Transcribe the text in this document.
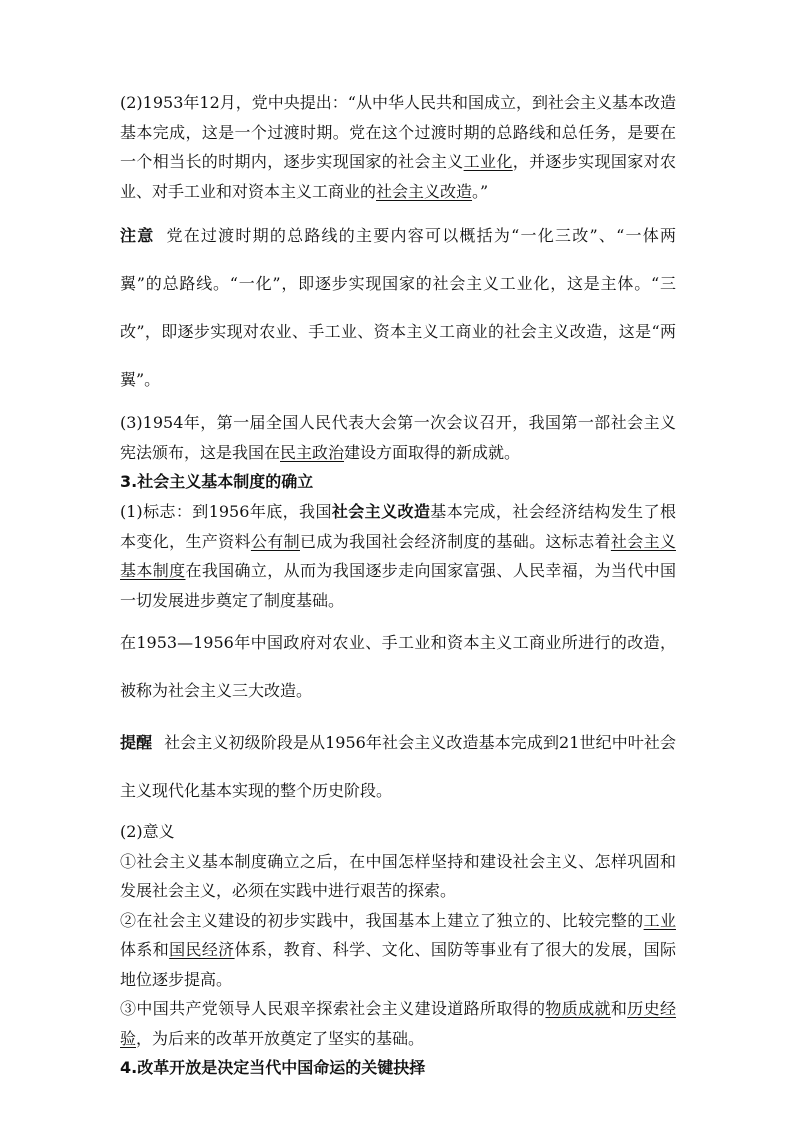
(2)1953年12月，党中央提出：“从中华人民共和国成立，到社会主义基本改造基本完成，这是一个过渡时期。党在这个过渡时期的总路线和总任务，是要在一个相当长的时期内，逐步实现国家的社会主义工业化，并逐步实现国家对农业、对手工业和对资本主义工商业的社会主义改造。”

注意 党在过渡时期的总路线的主要内容可以概括为“一化三改”、“一体两翼”的总路线。“一化”，即逐步实现国家的社会主义工业化，这是主体。“三改”，即逐步实现对农业、手工业、资本主义工商业的社会主义改造，这是“两翼”。

(3)1954年，第一届全国人民代表大会第一次会议召开，我国第一部社会主义宪法颁布，这是我国在民主政治建设方面取得的新成就。

3.社会主义基本制度的确立

(1)标志：到1956年底，我国社会主义改造基本完成，社会经济结构发生了根本变化，生产资料公有制已成为我国社会经济制度的基础。这标志着社会主义基本制度在我国确立，从而为我国逐步走向国家富强、人民幸福，为当代中国一切发展进步奠定了制度基础。

在1953—1956年中国政府对农业、手工业和资本主义工商业所进行的改造，被称为社会主义三大改造。

提醒 社会主义初级阶段是从1956年社会主义改造基本完成到21世纪中叶社会主义现代化基本实现的整个历史阶段。

(2)意义

①社会主义基本制度确立之后，在中国怎样坚持和建设社会主义、怎样巩固和发展社会主义，必须在实践中进行艰苦的探索。

②在社会主义建设的初步实践中，我国基本上建立了独立的、比较完整的工业体系和国民经济体系，教育、科学、文化、国防等事业有了很大的发展，国际地位逐步提高。

③中国共产党领导人民艰辛探索社会主义建设道路所取得的物质成就和历史经验，为后来的改革开放奠定了坚实的基础。

4.改革开放是决定当代中国命运的关键抉择
